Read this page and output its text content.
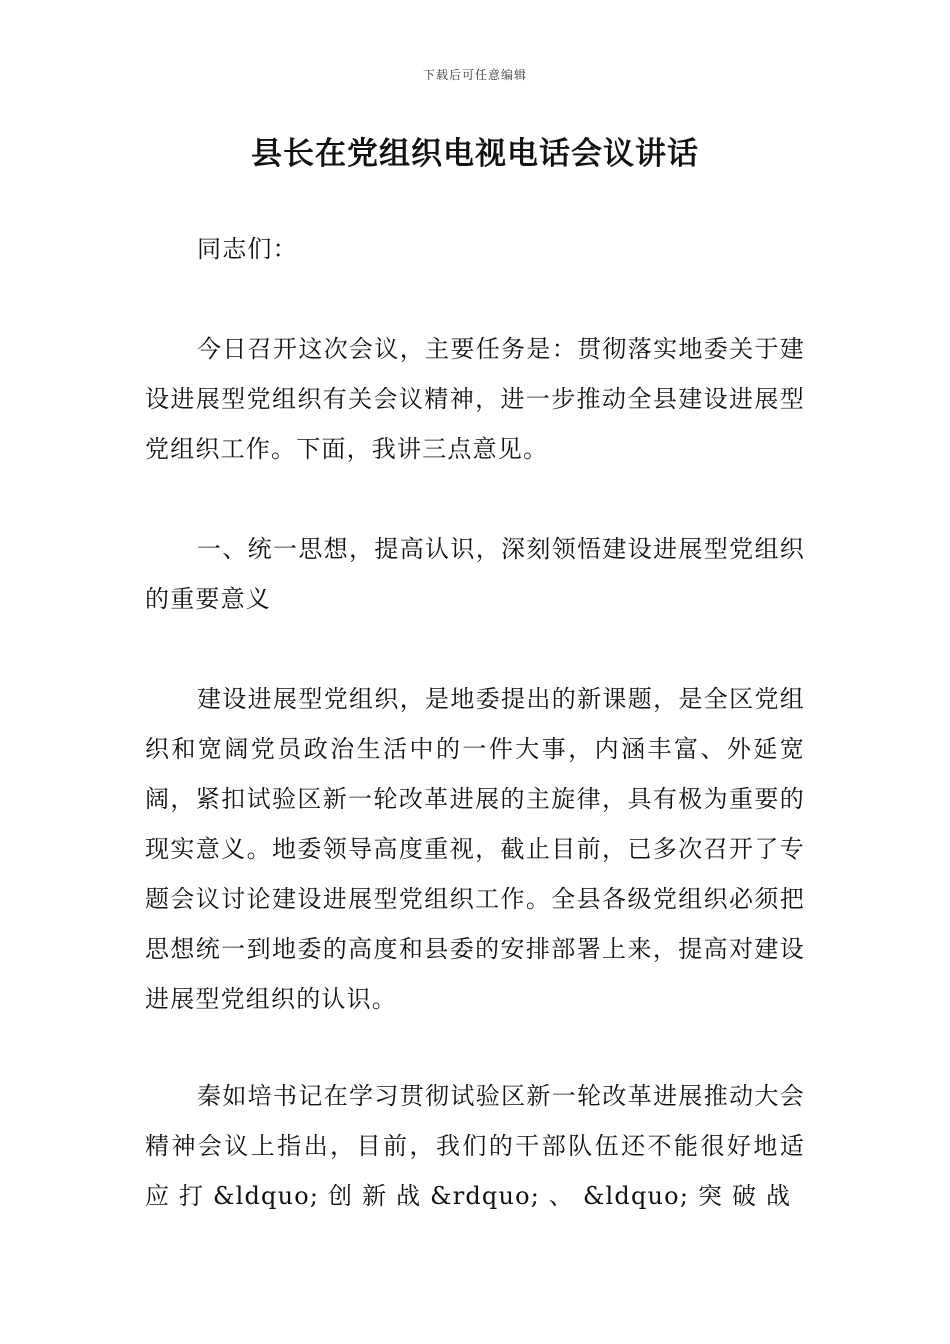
下载后可任意编辑
县长在党组织电视电话会议讲话

同志们：

今日召开这次会议，主要任务是：贯彻落实地委关于建设进展型党组织有关会议精神，进一步推动全县建设进展型党组织工作。下面，我讲三点意见。

一、统一思想，提高认识，深刻领悟建设进展型党组织的重要意义

建设进展型党组织，是地委提出的新课题，是全区党组织和宽阔党员政治生活中的一件大事，内涵丰富、外延宽阔，紧扣试验区新一轮改革进展的主旋律，具有极为重要的现实意义。地委领导高度重视，截止目前，已多次召开了专题会议讨论建设进展型党组织工作。全县各级党组织必须把思想统一到地委的高度和县委的安排部署上来，提高对建设进展型党组织的认识。

秦如培书记在学习贯彻试验区新一轮改革进展推动大会精神会议上指出，目前，我们的干部队伍还不能很好地适 应 打 &ldquo; 创 新 战 &rdquo; 、 &ldquo; 突 破 战
